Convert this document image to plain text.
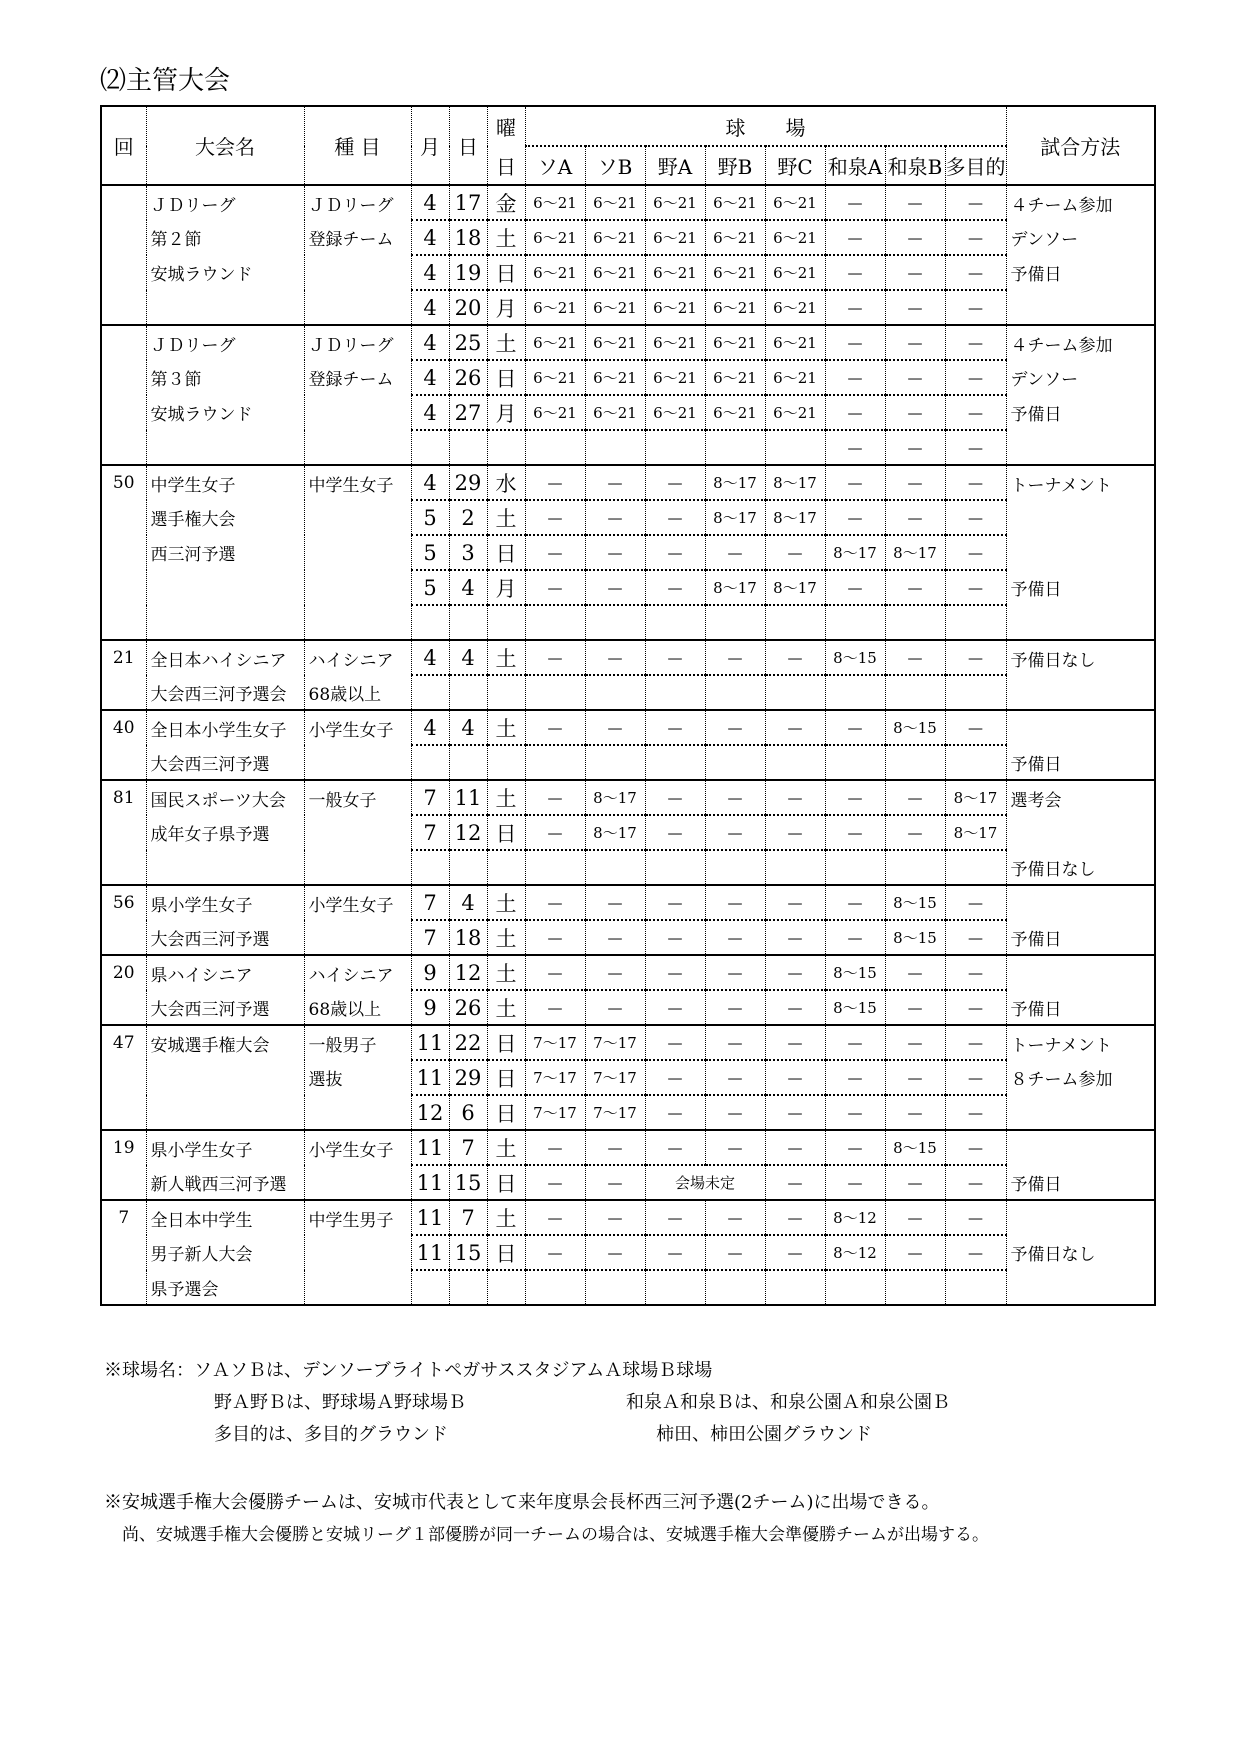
⑵主管大会
回	大会名	種 目	月	日	曜	球　　場								試合方法
					日	ソA	ソB	野A	野B	野C	和泉A	和泉B	多目的	
	ＪＤリーグ	ＪＤリーグ	4	17	金	6〜21	6〜21	6〜21	6〜21	6〜21	—	—	—	４チーム参加
	第２節	登録チーム	4	18	土	6〜21	6〜21	6〜21	6〜21	6〜21	—	—	—	デンソー
	安城ラウンド		4	19	日	6〜21	6〜21	6〜21	6〜21	6〜21	—	—	—	予備日
			4	20	月	6〜21	6〜21	6〜21	6〜21	6〜21	—	—	—	
	ＪＤリーグ	ＪＤリーグ	4	25	土	6〜21	6〜21	6〜21	6〜21	6〜21	—	—	—	４チーム参加
	第３節	登録チーム	4	26	日	6〜21	6〜21	6〜21	6〜21	6〜21	—	—	—	デンソー
	安城ラウンド		4	27	月	6〜21	6〜21	6〜21	6〜21	6〜21	—	—	—	予備日
											—	—	—	
50	中学生女子	中学生女子	4	29	水	—	—	—	8〜17	8〜17	—	—	—	トーナメント
	選手権大会		5	2	土	—	—	—	8〜17	8〜17	—	—	—	
	西三河予選		5	3	日	—	—	—	—	—	8〜17	8〜17	—	
			5	4	月	—	—	—	8〜17	8〜17	—	—	—	予備日

21	全日本ハイシニア	ハイシニア	4	4	土	—	—	—	—	—	8〜15	—	—	予備日なし
	大会西三河予選会	68歳以上												
40	全日本小学生女子	小学生女子	4	4	土	—	—	—	—	—	—	8〜15	—	
	大会西三河予選													予備日
81	国民スポーツ大会	一般女子	7	11	土	—	8〜17	—	—	—	—	—	8〜17	選考会
	成年女子県予選		7	12	日	—	8〜17	—	—	—	—	—	8〜17	
														予備日なし
56	県小学生女子	小学生女子	7	4	土	—	—	—	—	—	—	8〜15	—	
	大会西三河予選		7	18	土	—	—	—	—	—	—	8〜15	—	予備日
20	県ハイシニア	ハイシニア	9	12	土	—	—	—	—	—	8〜15	—	—	
	大会西三河予選	68歳以上	9	26	土	—	—	—	—	—	8〜15	—	—	予備日
47	安城選手権大会	一般男子	11	22	日	7〜17	7〜17	—	—	—	—	—	—	トーナメント
		選抜	11	29	日	7〜17	7〜17	—	—	—	—	—	—	８チーム参加
			12	6	日	7〜17	7〜17	—	—	—	—	—	—	
19	県小学生女子	小学生女子	11	7	土	—	—	—	—	—	—	8〜15	—	
	新人戦西三河予選		11	15	日	—	—	会場未定		—	—	—	—	予備日
7	全日本中学生	中学生男子	11	7	土	—	—	—	—	—	8〜12	—	—	
	男子新人大会		11	15	日	—	—	—	—	—	8〜12	—	—	予備日なし
	県予選会													
※球場名：ソＡソＢは、デンソーブライトペガサススタジアムＡ球場Ｂ球場
野Ａ野Ｂは、野球場Ａ野球場Ｂ	和泉Ａ和泉Ｂは、和泉公園Ａ和泉公園Ｂ
多目的は、多目的グラウンド	柿田、柿田公園グラウンド
※安城選手権大会優勝チームは、安城市代表として来年度県会長杯西三河予選(2チーム)に出場できる。
尚、安城選手権大会優勝と安城リーグ１部優勝が同一チームの場合は、安城選手権大会準優勝チームが出場する。
